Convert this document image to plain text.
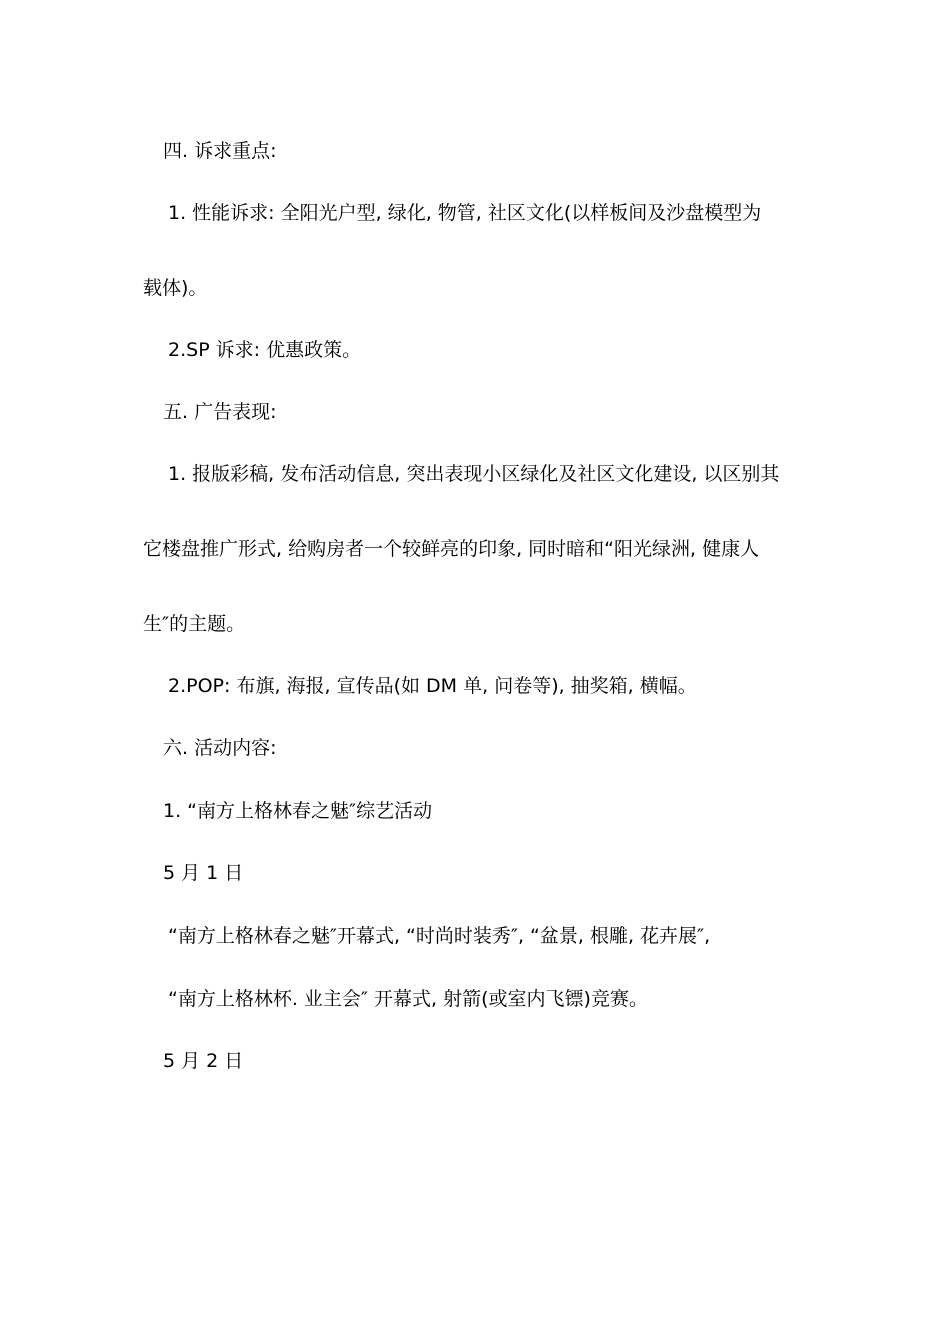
四. 诉求重点:
1. 性能诉求: 全阳光户型, 绿化, 物管, 社区文化(以样板间及沙盘模型为
载体)。
2.SP 诉求: 优惠政策。
五. 广告表现:
1. 报版彩稿, 发布活动信息, 突出表现小区绿化及社区文化建设, 以区别其
它楼盘推广形式, 给购房者一个较鲜亮的印象, 同时暗和“阳光绿洲, 健康人
生″的主题。
2.POP: 布旗, 海报, 宣传品(如 DM 单, 问卷等), 抽奖箱, 横幅。
六. 活动内容:
1. “南方上格林春之魅″综艺活动
5 月 1 日
“南方上格林春之魅″开幕式, “时尚时装秀″, “盆景, 根雕, 花卉展″,
“南方上格林杯. 业主会″ 开幕式, 射箭(或室内飞镖)竞赛。
5 月 2 日
